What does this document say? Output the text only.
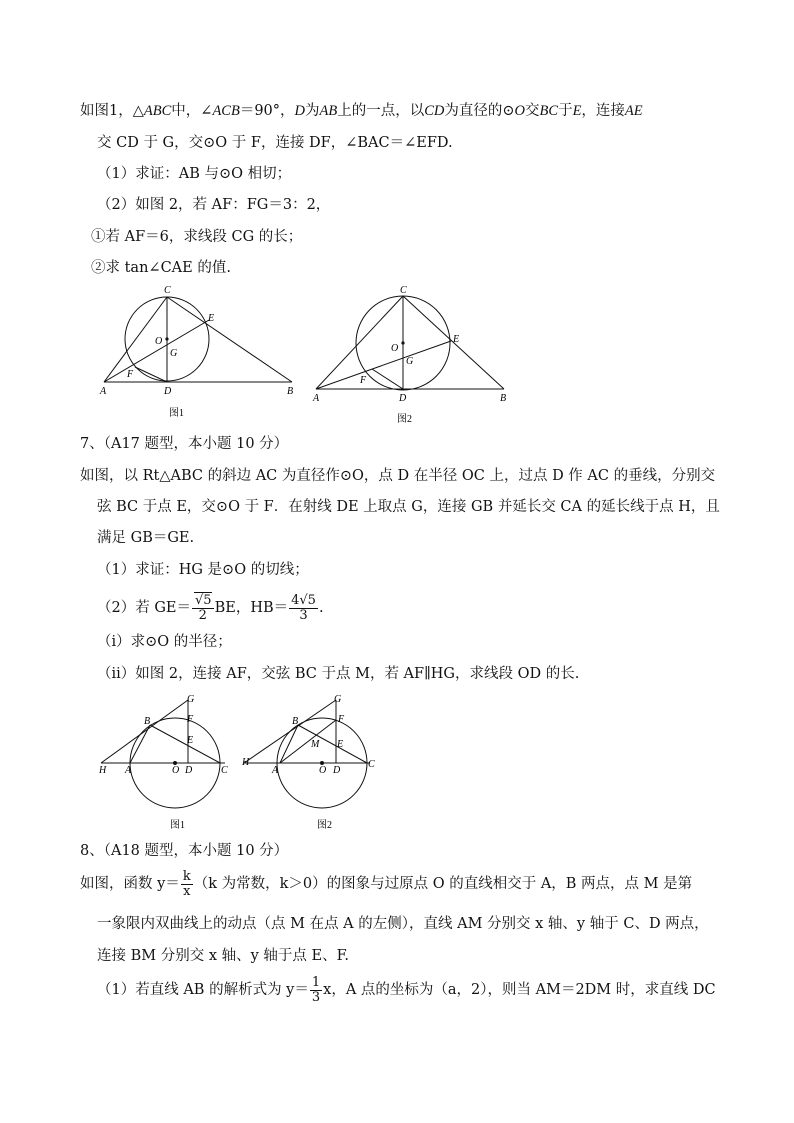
如图1，△ABC中，∠ACB＝90°，D为AB上的一点，以CD为直径的⊙O交BC于E，连接AE
交 CD 于 G，交⊙O 于 F，连接 DF，∠BAC＝∠EFD.
（1）求证：AB 与⊙O 相切；
（2）如图 2，若 AF：FG＝3：2，
①若 AF＝6，求线段 CG 的长；
②求 tan∠CAE 的值.
C
E
O
G
F
A	D	B
图1
C
E
O
G
F
A	D	B
图2
7、（A17 题型，本小题 10 分）
如图，以 Rt△ABC 的斜边 AC 为直径作⊙O，点 D 在半径 OC 上，过点 D 作 AC 的垂线，分别交
弦 BC 于点 E，交⊙O 于 F．在射线 DE 上取点 G，连接 GB 并延长交 CA 的延长线于点 H，且
满足 GB＝GE.
（1）求证：HG 是⊙O 的切线；
（2）若 $GE= \frac{√5}{2}$ BE，$HB= \frac{4√5}{3}$ .
（i）求⊙O 的半径；
（ii）如图 2，连接 AF，交弦 BC 于点 M，若 AF∥HG，求线段 OD 的长.
G
B	F
E
H A	O D	C
图1
G
B	F
M E
H
A	O D
C
图2
8、（A18 题型，本小题 10 分）
如图，函数 $y= \frac{k}{x} (k$ 为常数，k＞0）的图象与过原点 O 的直线相交于 A，B 两点，点 M 是第
一象限内双曲线上的动点（点 M 在点 A 的左侧），直线 AM 分别交 x 轴、y 轴于 C、D 两点，
连接 BM 分别交 x 轴、y 轴于点 E、F.
（1）若直线 AB 的解析式为 $y= \frac{1}{3}$ x，A 点的坐标为（a，2），则当 AM＝2DM 时，求直线 DC
